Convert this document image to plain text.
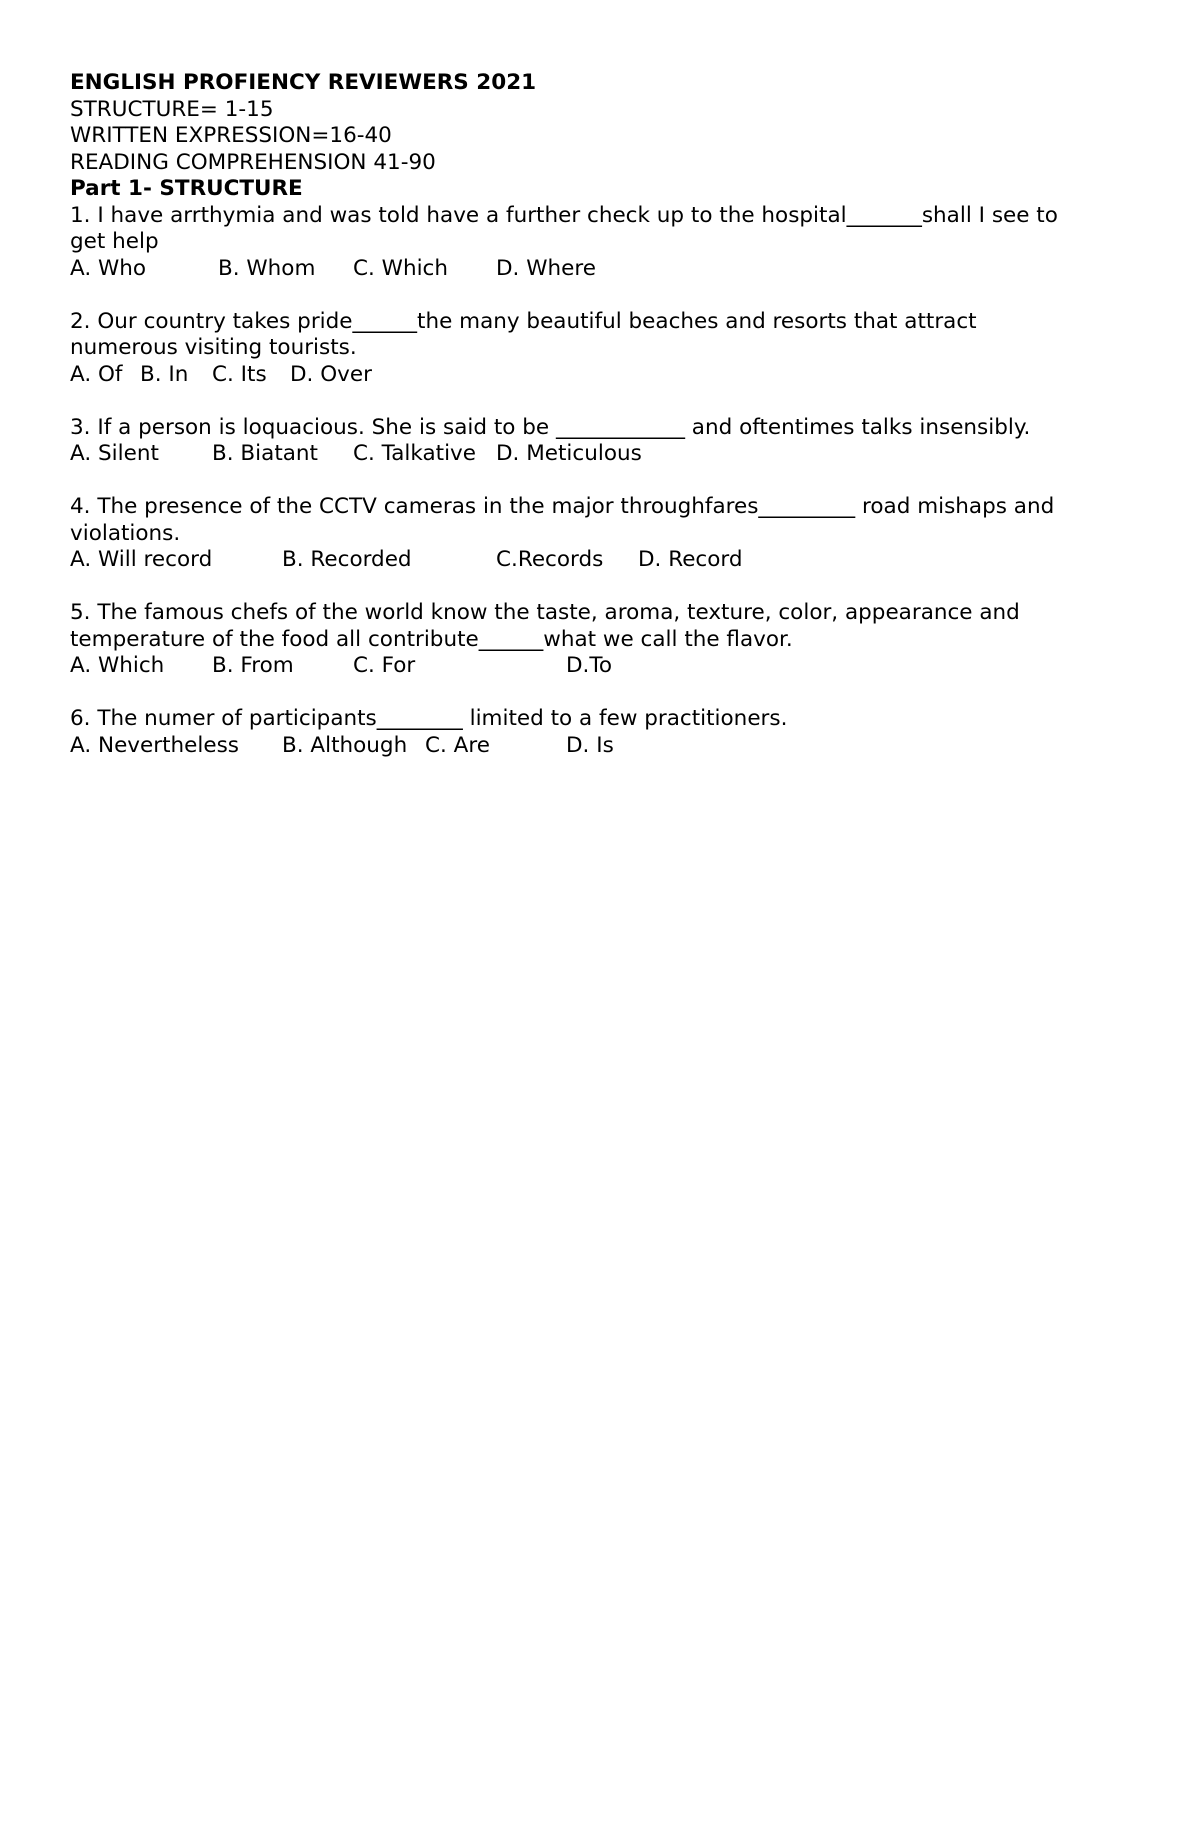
ENGLISH PROFIENCY REVIEWERS 2021
STRUCTURE= 1-15
WRITTEN EXPRESSION=16-40
READING COMPREHENSION 41-90
Part 1- STRUCTURE
1. I have arrthymia and was told have a further check up to the hospital_______shall I see to
get help
A. Who	B. Whom C. Which D. Where
2. Our country takes pride______the many beautiful beaches and resorts that attract
numerous visiting tourists.
A. Of B. In C. Its D. Over
3. If a person is loquacious. She is said to be ____________ and oftentimes talks insensibly.
A. Silent B. Biatant C. Talkative D. Meticulous
4. The presence of the CCTV cameras in the major throughfares_________ road mishaps and
violations.
A. Will record	B. Recorded	C.Records D. Record
5. The famous chefs of the world know the taste, aroma, texture, color, appearance and
temperature of the food all contribute______what we call the flavor.
A. Which B. From	C. For	D.To
6. The numer of participants________ limited to a few practitioners.
A. Nevertheless B. Although C. Are	D. Is
